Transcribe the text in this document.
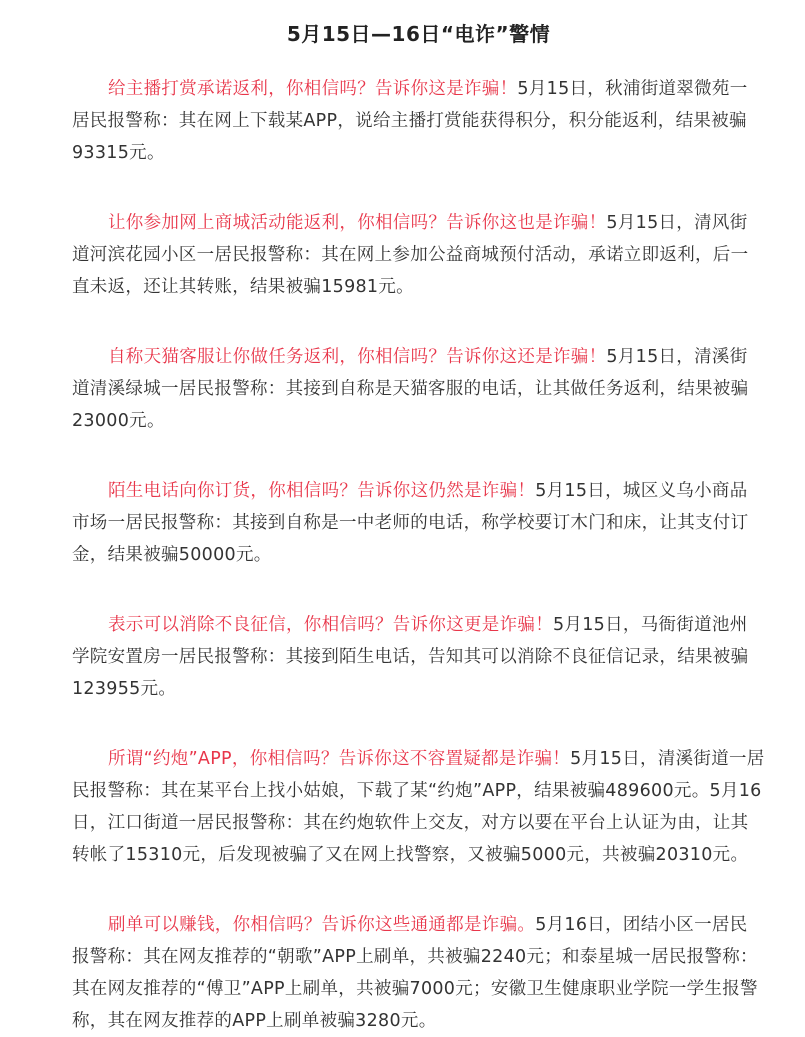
5月15日—16日“电诈”警情

给主播打赏承诺返利，你相信吗？告诉你这是诈骗！5月15日，秋浦街道翠微苑一居民报警称：其在网上下载某APP，说给主播打赏能获得积分，积分能返利，结果被骗93315元。

让你参加网上商城活动能返利，你相信吗？告诉你这也是诈骗！5月15日，清风街道河滨花园小区一居民报警称：其在网上参加公益商城预付活动，承诺立即返利，后一直未返，还让其转账，结果被骗15981元。

自称天猫客服让你做任务返利，你相信吗？告诉你这还是诈骗！5月15日，清溪街道清溪绿城一居民报警称：其接到自称是天猫客服的电话，让其做任务返利，结果被骗23000元。

陌生电话向你订货，你相信吗？告诉你这仍然是诈骗！5月15日，城区义乌小商品市场一居民报警称：其接到自称是一中老师的电话，称学校要订木门和床，让其支付订金，结果被骗50000元。

表示可以消除不良征信，你相信吗？告诉你这更是诈骗！5月15日，马衙街道池州学院安置房一居民报警称：其接到陌生电话，告知其可以消除不良征信记录，结果被骗123955元。

所谓“约炮”APP，你相信吗？告诉你这不容置疑都是诈骗！5月15日，清溪街道一居民报警称：其在某平台上找小姑娘，下载了某“约炮”APP，结果被骗489600元。5月16日，江口街道一居民报警称：其在约炮软件上交友，对方以要在平台上认证为由，让其转帐了15310元，后发现被骗了又在网上找警察，又被骗5000元，共被骗20310元。

刷单可以赚钱，你相信吗？告诉你这些通通都是诈骗。5月16日，团结小区一居民报警称：其在网友推荐的“朝歌”APP上刷单，共被骗2240元；和泰星城一居民报警称：其在网友推荐的“傅卫”APP上刷单，共被骗7000元；安徽卫生健康职业学院一学生报警称，其在网友推荐的APP上刷单被骗3280元。
